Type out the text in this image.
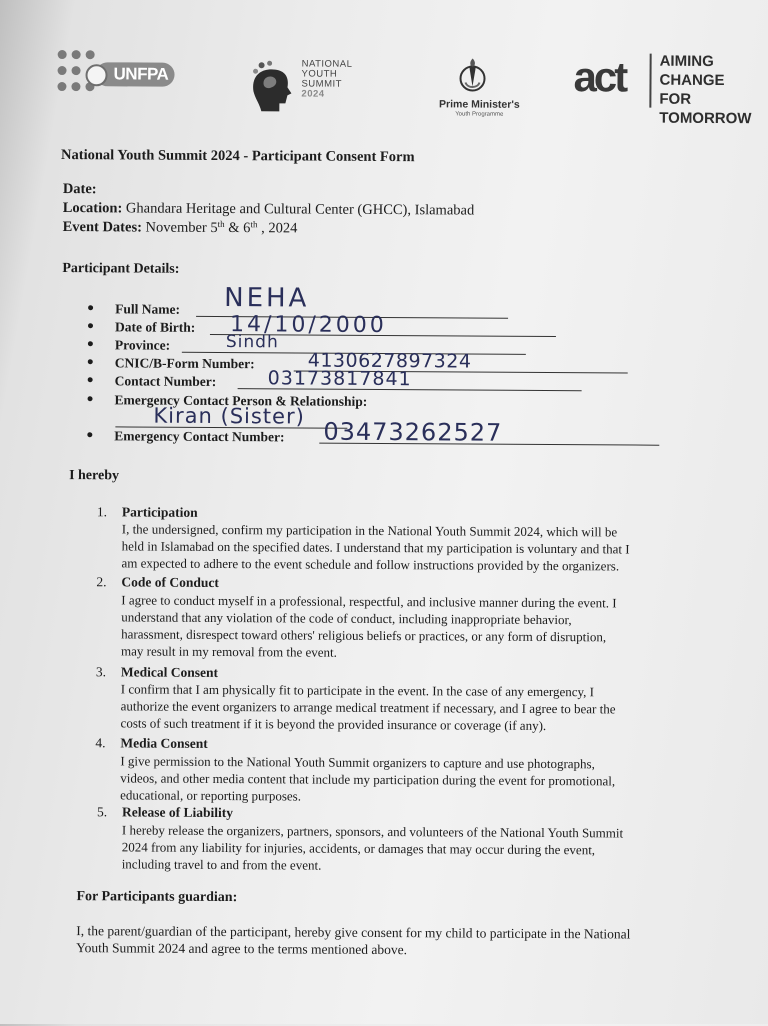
UNFPA
NATIONAL
YOUTH
SUMMIT
2024
Prime Minister's
Youth Programme
act AIMING
CHANGE FOR
TOMORROW
National Youth Summit 2024 - Participant Consent Form
Date:
Location: Ghandara Heritage and Cultural Center (GHCC), Islamabad
Event Dates: November 5th & 6th , 2024
Participant Details:
Full Name: NEHA
Date of Birth: 14/10/2000
Province:	Sindh
CNIC/B-Form Number:	4130627897324
Contact Number:	03173817841
Emergency Contact Person & Relationship:
Kiran (Sister)
Emergency Contact Number: 03473262527
I hereby
1. Participation
I, the undersigned, confirm my participation in the National Youth Summit 2024, which will be
held in Islamabad on the specified dates. I understand that my participation is voluntary and that I
am expected to adhere to the event schedule and follow instructions provided by the organizers.
2. Code of Conduct
I agree to conduct myself in a professional, respectful, and inclusive manner during the event. I
understand that any violation of the code of conduct, including inappropriate behavior,
harassment, disrespect toward others' religious beliefs or practices, or any form of disruption,
may result in my removal from the event.
3. Medical Consent
I confirm that I am physically fit to participate in the event. In the case of any emergency, I
authorize the event organizers to arrange medical treatment if necessary, and I agree to bear the
costs of such treatment if it is beyond the provided insurance or coverage (if any).
4. Media Consent
I give permission to the National Youth Summit organizers to capture and use photographs,
videos, and other media content that include my participation during the event for promotional,
educational, or reporting purposes.
5. Release of Liability
I hereby release the organizers, partners, sponsors, and volunteers of the National Youth Summit
2024 from any liability for injuries, accidents, or damages that may occur during the event,
including travel to and from the event.
For Participants guardian:
I, the parent/guardian of the participant, hereby give consent for my child to participate in the National
Youth Summit 2024 and agree to the terms mentioned above.
